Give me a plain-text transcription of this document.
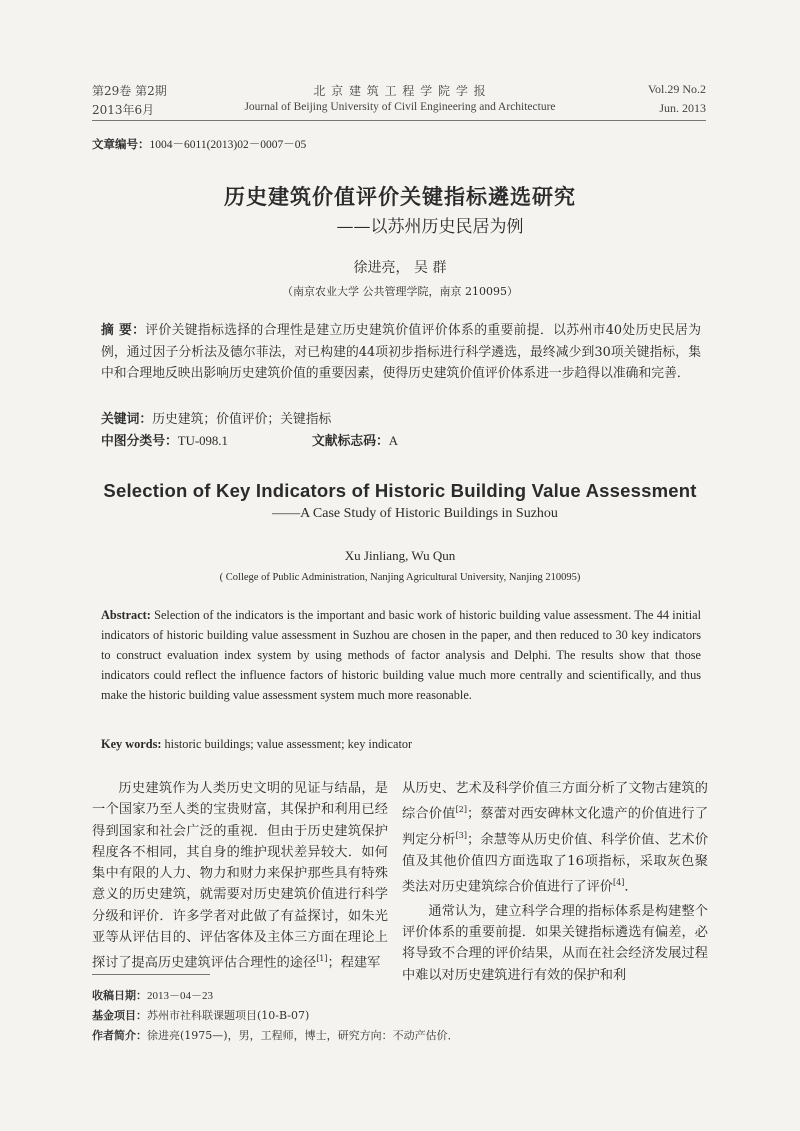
第29卷 第2期
2013年6月
北 京 建 筑 工 程 学 院 学 报
Journal of Beijing University of Civil Engineering and Architecture
Vol.29 No.2
Jun. 2013
文章编号：1004－6011(2013)02－0007－05
历史建筑价值评价关键指标遴选研究
——以苏州历史民居为例
徐进亮， 吴 群
（南京农业大学 公共管理学院，南京 210095）
摘 要：评价关键指标选择的合理性是建立历史建筑价值评价体系的重要前提．以苏州市40处历史民居为例，通过因子分析法及德尔菲法，对已构建的44项初步指标进行科学遴选，最终减少到30项关键指标，集中和合理地反映出影响历史建筑价值的重要因素，使得历史建筑价值评价体系进一步趋得以准确和完善．
关键词：历史建筑；价值评价；关键指标
中图分类号：TU-098.1	文献标志码：A
Selection of Key Indicators of Historic Building Value Assessment
——A Case Study of Historic Buildings in Suzhou
Xu Jinliang, Wu Qun
( College of Public Administration, Nanjing Agricultural University, Nanjing 210095)
Abstract: Selection of the indicators is the important and basic work of historic building value assessment. The 44 initial indicators of historic building value assessment in Suzhou are chosen in the paper, and then reduced to 30 key indicators to construct evaluation index system by using methods of factor analysis and Delphi. The results show that those indicators could reflect the influence factors of historic building value much more centrally and scientifically, and thus make the historic building value assessment system much more reasonable.
Key words: historic buildings; value assessment; key indicator
历史建筑作为人类历史文明的见证与结晶，是一个国家乃至人类的宝贵财富，其保护和利用已经得到国家和社会广泛的重视．但由于历史建筑保护程度各不相同，其自身的维护现状差异较大．如何集中有限的人力、物力和财力来保护那些具有特殊意义的历史建筑，就需要对历史建筑价值进行科学分级和评价．许多学者对此做了有益探讨，如朱光亚等从评估目的、评估客体及主体三方面在理论上探讨了提高历史建筑评估合理性的途径[1]；程建军
从历史、艺术及科学价值三方面分析了文物古建筑的综合价值[2]；蔡蕾对西安碑林文化遗产的价值进行了判定分析[3]；余慧等从历史价值、科学价值、艺术价值及其他价值四方面选取了16项指标，采取灰色聚类法对历史建筑综合价值进行了评价[4]．
通常认为，建立科学合理的指标体系是构建整个评价体系的重要前提．如果关键指标遴选有偏差，必将导致不合理的评价结果，从而在社会经济发展过程中难以对历史建筑进行有效的保护和利
收稿日期：2013－04－23
基金项目：苏州市社科联课题项目(10-B-07)
作者简介：徐进亮(1975—)，男，工程师，博士，研究方向：不动产估价．
